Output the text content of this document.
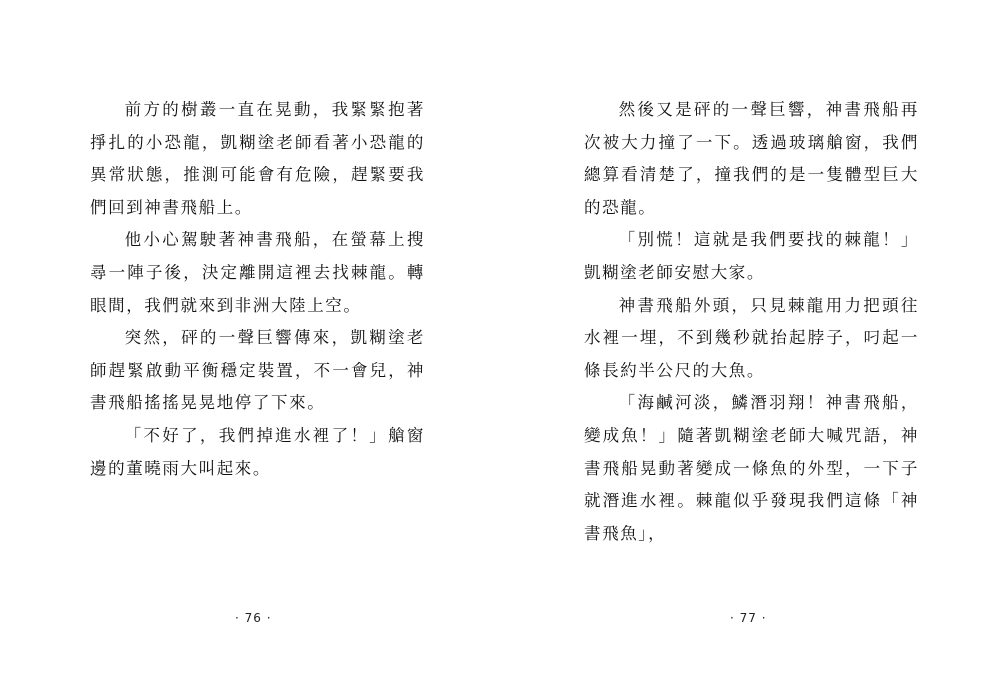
前方的樹叢一直在晃動，我緊緊抱著掙扎的小恐龍，凱糊塗老師看著小恐龍的異常狀態，推測可能會有危險，趕緊要我們回到神書飛船上。

他小心駕駛著神書飛船，在螢幕上搜尋一陣子後，決定離開這裡去找棘龍。轉眼間，我們就來到非洲大陸上空。

突然，砰的一聲巨響傳來，凱糊塗老師趕緊啟動平衡穩定裝置，不一會兒，神書飛船搖搖晃晃地停了下來。

「不好了，我們掉進水裡了！」艙窗邊的董曉雨大叫起來。

然後又是砰的一聲巨響，神書飛船再次被大力撞了一下。透過玻璃艙窗，我們總算看清楚了，撞我們的是一隻體型巨大的恐龍。

「別慌！這就是我們要找的棘龍！」凱糊塗老師安慰大家。

神書飛船外頭，只見棘龍用力把頭往水裡一埋，不到幾秒就抬起脖子，叼起一條長約半公尺的大魚。

「海鹹河淡，鱗潛羽翔！神書飛船，變成魚！」隨著凱糊塗老師大喊咒語，神書飛船晃動著變成一條魚的外型，一下子就潛進水裡。棘龍似乎發現我們這條「神書飛魚」，

· 76 ·	· 77 ·
